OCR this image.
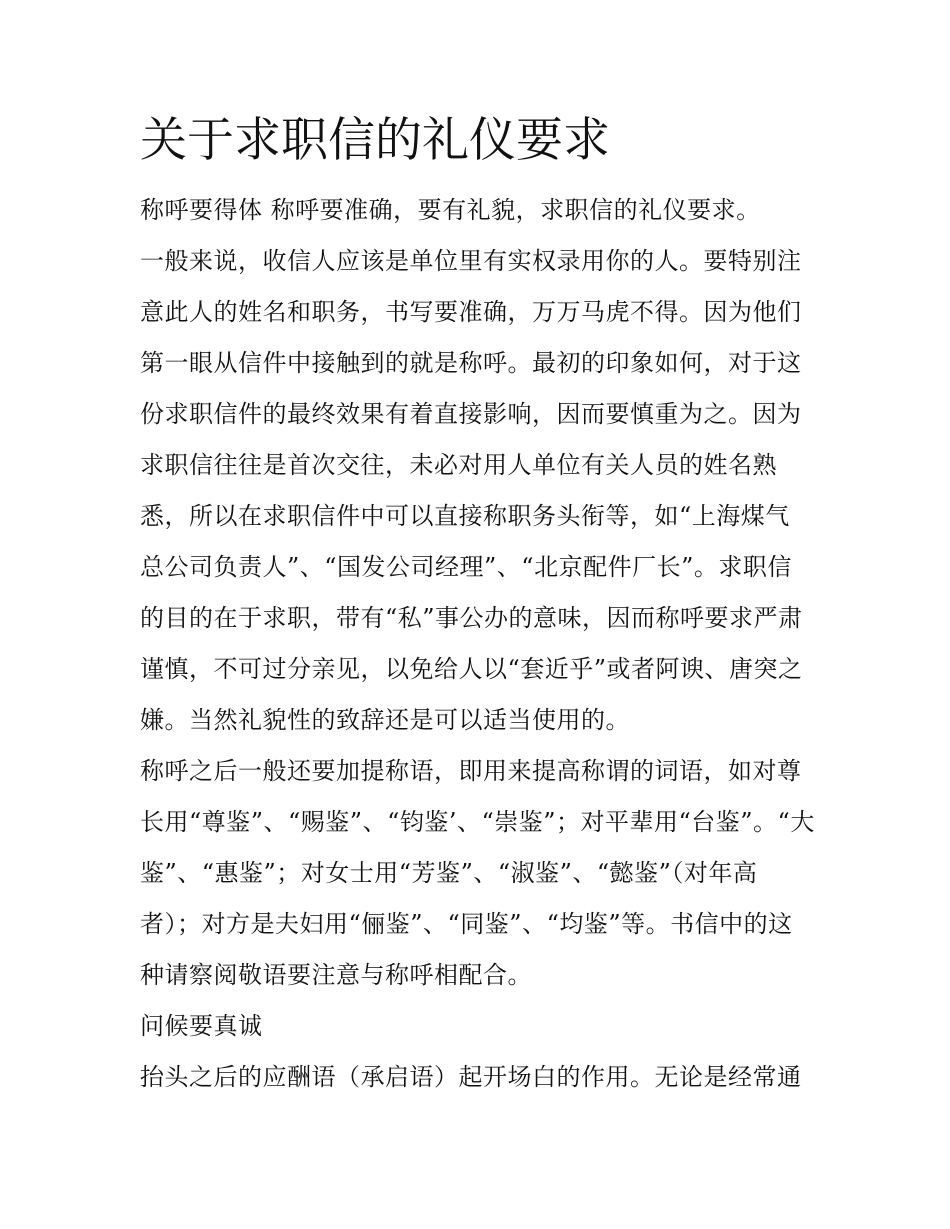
关于求职信的礼仪要求

称呼要得体 称呼要准确，要有礼貌，求职信的礼仪要求。

一般来说，收信人应该是单位里有实权录用你的人。要特别注
意此人的姓名和职务，书写要准确，万万马虎不得。因为他们
第一眼从信件中接触到的就是称呼。最初的印象如何，对于这
份求职信件的最终效果有着直接影响，因而要慎重为之。因为
求职信往往是首次交往，未必对用人单位有关人员的姓名熟
悉，所以在求职信件中可以直接称职务头衔等，如“上海煤气
总公司负责人”、“国发公司经理”、“北京配件厂长”。求职信
的目的在于求职，带有“私”事公办的意味，因而称呼要求严肃
谨慎，不可过分亲见，以免给人以“套近乎”或者阿谀、唐突之
嫌。当然礼貌性的致辞还是可以适当使用的。

称呼之后一般还要加提称语，即用来提高称谓的词语，如对尊
长用“尊鉴”、“赐鉴”、“钧鉴’、“崇鉴”；对平辈用“台鉴”。“大
鉴”、“惠鉴”；对女士用“芳鉴”、“淑鉴”、“懿鉴”（对年高
者）；对方是夫妇用“俪鉴”、“同鉴”、“均鉴”等。书信中的这
种请察阅敬语要注意与称呼相配合。

问候要真诚

抬头之后的应酬语（承启语）起开场白的作用。无论是经常通
